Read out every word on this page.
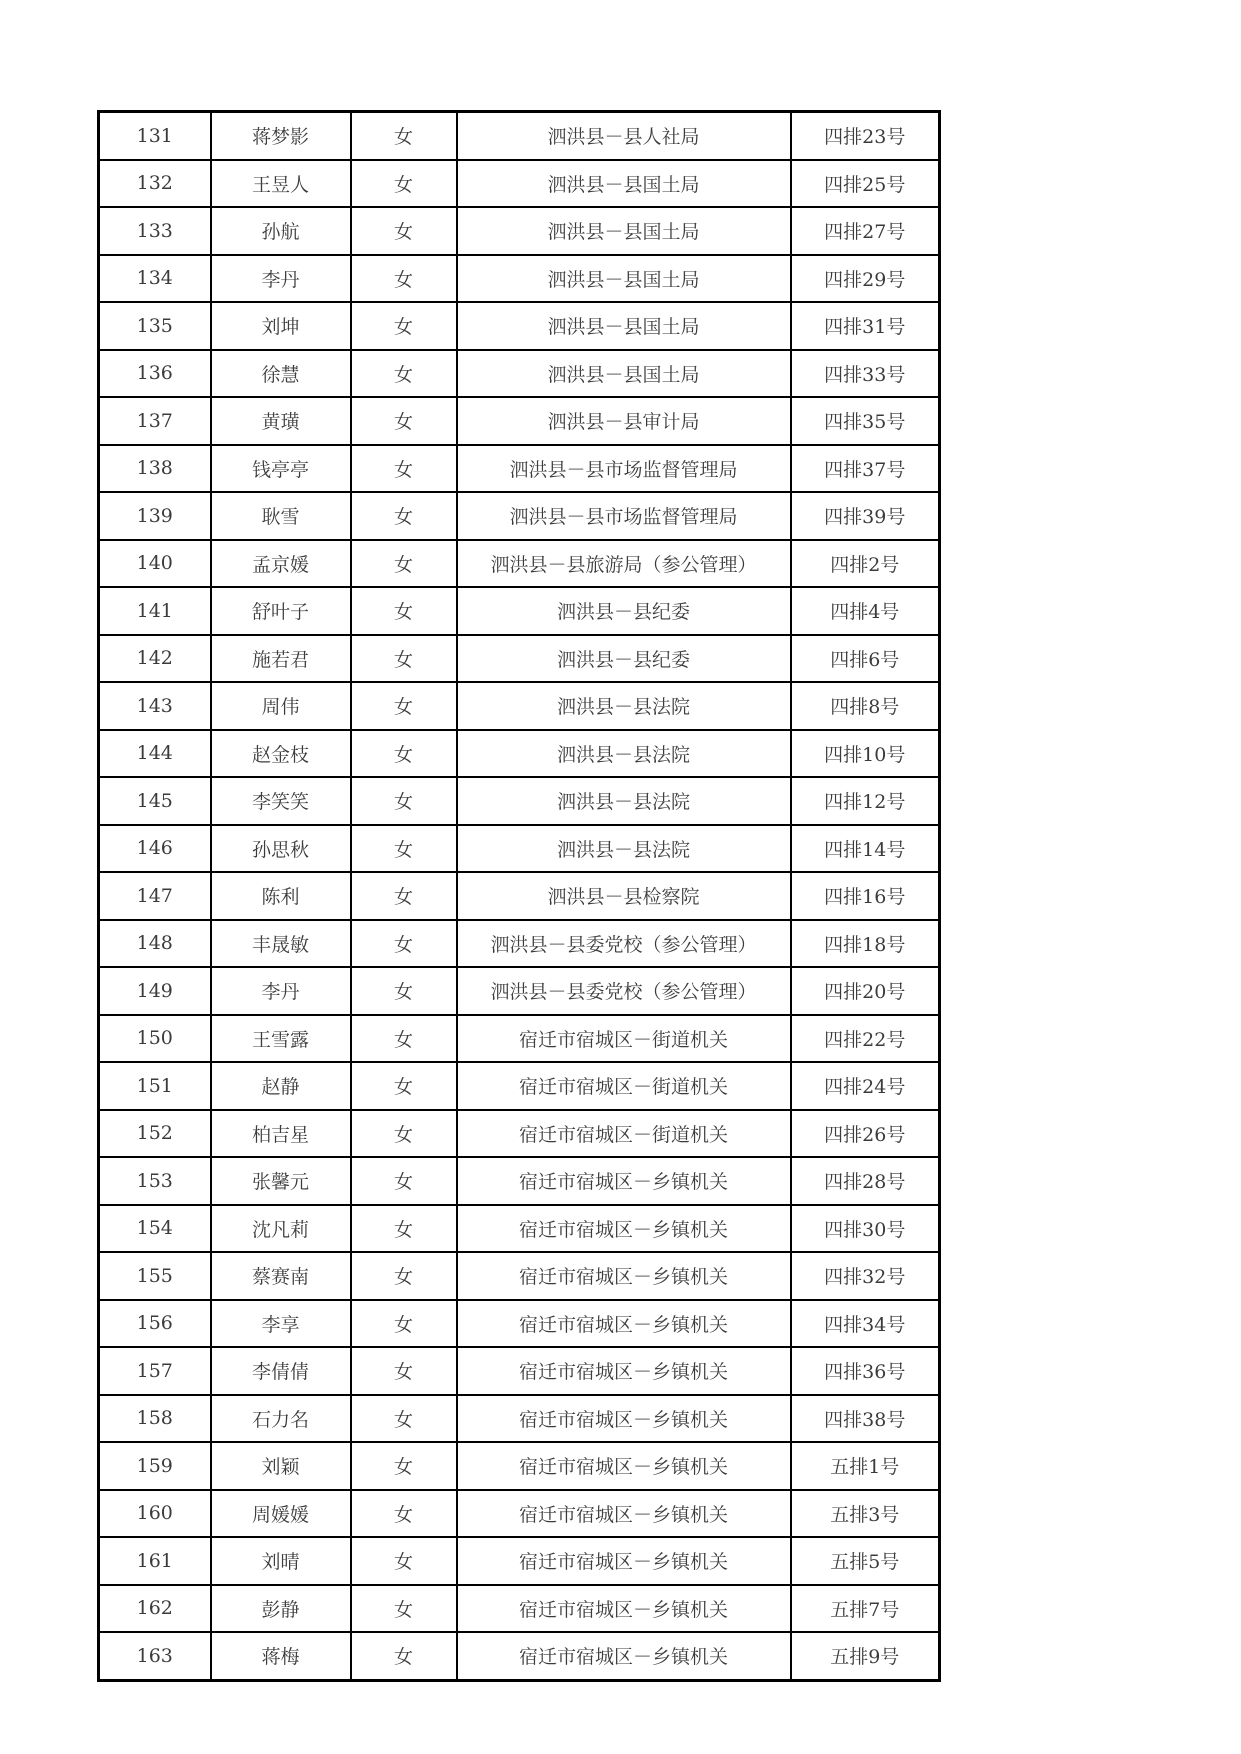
131	蒋梦影	女	泗洪县－县人社局	四排23号
132	王昱人	女	泗洪县－县国土局	四排25号
133	孙航	女	泗洪县－县国土局	四排27号
134	李丹	女	泗洪县－县国土局	四排29号
135	刘坤	女	泗洪县－县国土局	四排31号
136	徐慧	女	泗洪县－县国土局	四排33号
137	黄璜	女	泗洪县－县审计局	四排35号
138	钱亭亭	女	泗洪县－县市场监督管理局	四排37号
139	耿雪	女	泗洪县－县市场监督管理局	四排39号
140	孟京媛	女	泗洪县－县旅游局（参公管理）	四排2号
141	舒叶子	女	泗洪县－县纪委	四排4号
142	施若君	女	泗洪县－县纪委	四排6号
143	周伟	女	泗洪县－县法院	四排8号
144	赵金枝	女	泗洪县－县法院	四排10号
145	李笑笑	女	泗洪县－县法院	四排12号
146	孙思秋	女	泗洪县－县法院	四排14号
147	陈利	女	泗洪县－县检察院	四排16号
148	丰晟敏	女	泗洪县－县委党校（参公管理）	四排18号
149	李丹	女	泗洪县－县委党校（参公管理）	四排20号
150	王雪露	女	宿迁市宿城区－街道机关	四排22号
151	赵静	女	宿迁市宿城区－街道机关	四排24号
152	柏吉星	女	宿迁市宿城区－街道机关	四排26号
153	张馨元	女	宿迁市宿城区－乡镇机关	四排28号
154	沈凡莉	女	宿迁市宿城区－乡镇机关	四排30号
155	蔡赛南	女	宿迁市宿城区－乡镇机关	四排32号
156	李享	女	宿迁市宿城区－乡镇机关	四排34号
157	李倩倩	女	宿迁市宿城区－乡镇机关	四排36号
158	石力名	女	宿迁市宿城区－乡镇机关	四排38号
159	刘颖	女	宿迁市宿城区－乡镇机关	五排1号
160	周媛媛	女	宿迁市宿城区－乡镇机关	五排3号
161	刘晴	女	宿迁市宿城区－乡镇机关	五排5号
162	彭静	女	宿迁市宿城区－乡镇机关	五排7号
163	蒋梅	女	宿迁市宿城区－乡镇机关	五排9号
